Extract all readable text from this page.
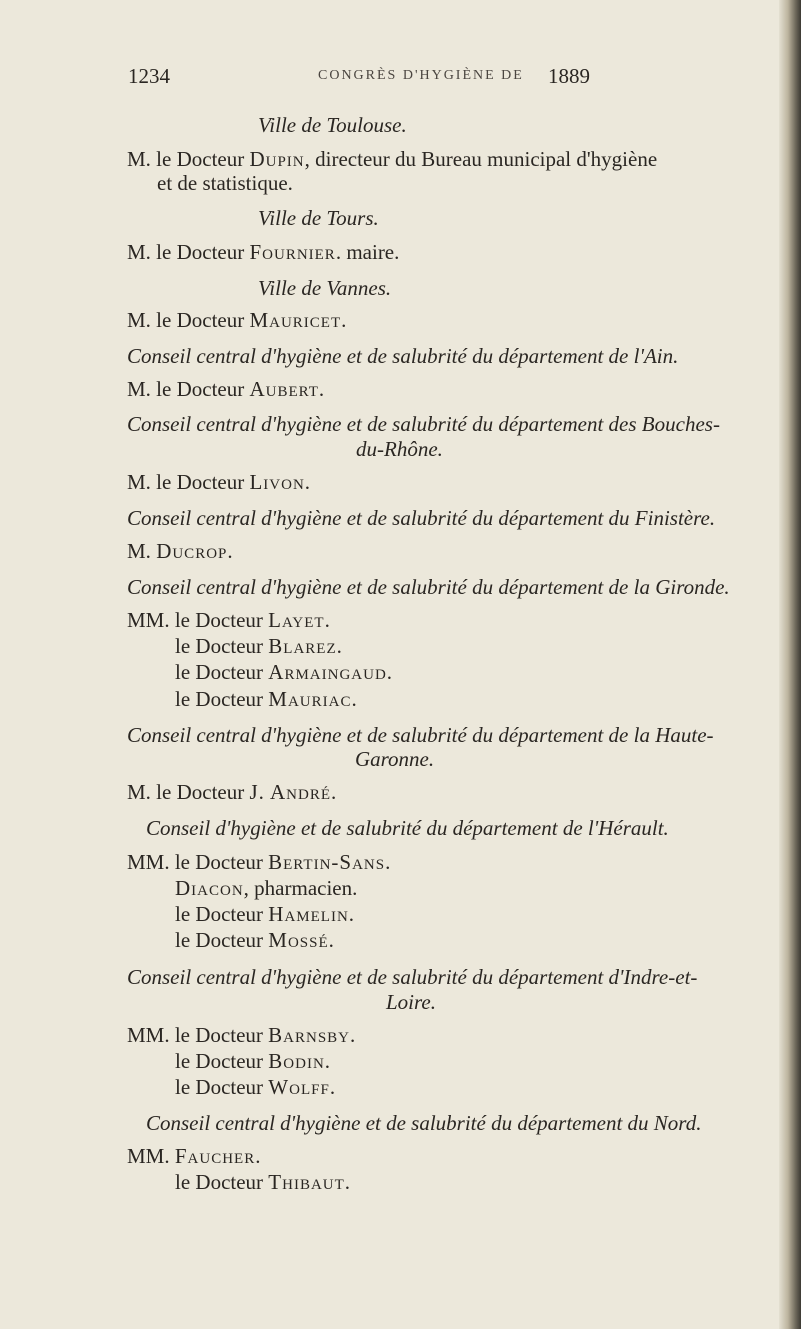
1234	CONGRÈS D'HYGIÈNE DE 1889
Ville de Toulouse.
M. le Docteur Dupin, directeur du Bureau municipal d'hygiène
et de statistique.
Ville de Tours.
M. le Docteur Fournier. maire.
Ville de Vannes.
M. le Docteur Mauricet.
Conseil central d'hygiène et de salubrité du département de l'Ain.
M. le Docteur Aubert.
Conseil central d'hygiène et de salubrité du département des Bouches-
du-Rhône.
M. le Docteur Livon.
Conseil central d'hygiène et de salubrité du département du Finistère.
M. Ducrop.
Conseil central d'hygiène et de salubrité du département de la Gironde.
MM. le Docteur Layet.
le Docteur Blarez.
le Docteur Armaingaud.
le Docteur Mauriac.
Conseil central d'hygiène et de salubrité du département de la Haute-
Garonne.
M. le Docteur J. André.
Conseil d'hygiène et de salubrité du département de l'Hérault.
MM. le Docteur Bertin-Sans.
Diacon, pharmacien.
le Docteur Hamelin.
le Docteur Mossé.
Conseil central d'hygiène et de salubrité du département d'Indre-et-
Loire.
MM. le Docteur Barnsby.
le Docteur Bodin.
le Docteur Wolff.
Conseil central d'hygiène et de salubrité du département du Nord.
MM. Faucher.
le Docteur Thibaut.
